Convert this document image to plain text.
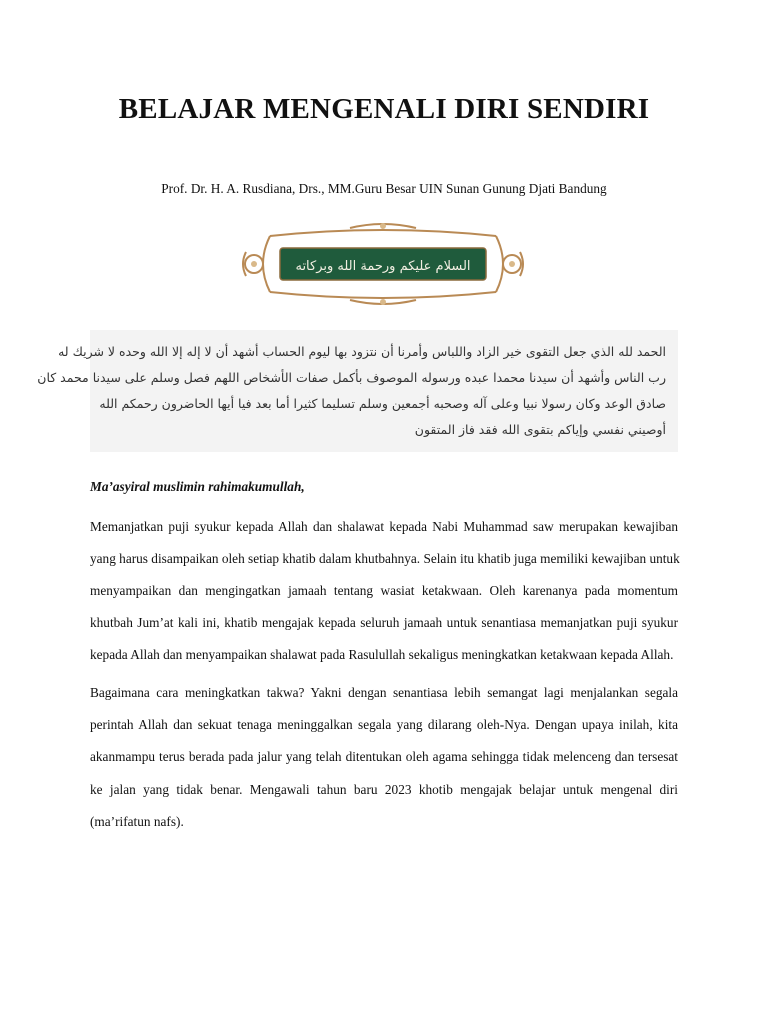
BELAJAR MENGENALI DIRI SENDIRI
Prof. Dr. H. A. Rusdiana, Drs., MM.Guru Besar UIN Sunan Gunung Djati Bandung
السلام عليكم ورحمة الله وبركاته
الحمد لله الذي جعل التقوى خير الزاد واللباس وأمرنا أن نتزود بها ليوم الحساب أشهد أن لا إله إلا الله وحده لا شريك له
رب الناس وأشهد أن سيدنا محمدا عبده ورسوله الموصوف بأكمل صفات الأشخاص اللهم فصل وسلم على سيدنا محمد كان
صادق الوعد وكان رسولا نبيا وعلى آله وصحبه أجمعين وسلم تسليما كثيرا أما بعد فيا أيها الحاضرون رحمكم الله
أوصيني نفسي وإياكم بتقوى الله فقد فاز المتقون
Ma’asyiral muslimin rahimakumullah,
Memanjatkan puji syukur kepada Allah dan shalawat kepada Nabi Muhammad saw merupakan kewajiban
yang harus disampaikan oleh setiap khatib dalam khutbahnya. Selain itu khatib juga memiliki kewajiban untuk
menyampaikan dan mengingatkan jamaah tentang wasiat ketakwaan. Oleh karenanya pada momentum
khutbah Jum’at kali ini, khatib mengajak kepada seluruh jamaah untuk senantiasa memanjatkan puji syukur
kepada Allah dan menyampaikan shalawat pada Rasulullah sekaligus meningkatkan ketakwaan kepada Allah.
Bagaimana cara meningkatkan takwa? Yakni dengan senantiasa lebih semangat lagi menjalankan segala
perintah Allah dan sekuat tenaga meninggalkan segala yang dilarang oleh-Nya. Dengan upaya inilah, kita
akanmampu terus berada pada jalur yang telah ditentukan oleh agama sehingga tidak melenceng dan tersesat
ke jalan yang tidak benar. Mengawali tahun baru 2023 khotib mengajak belajar untuk mengenal diri
(ma’rifatun nafs).
